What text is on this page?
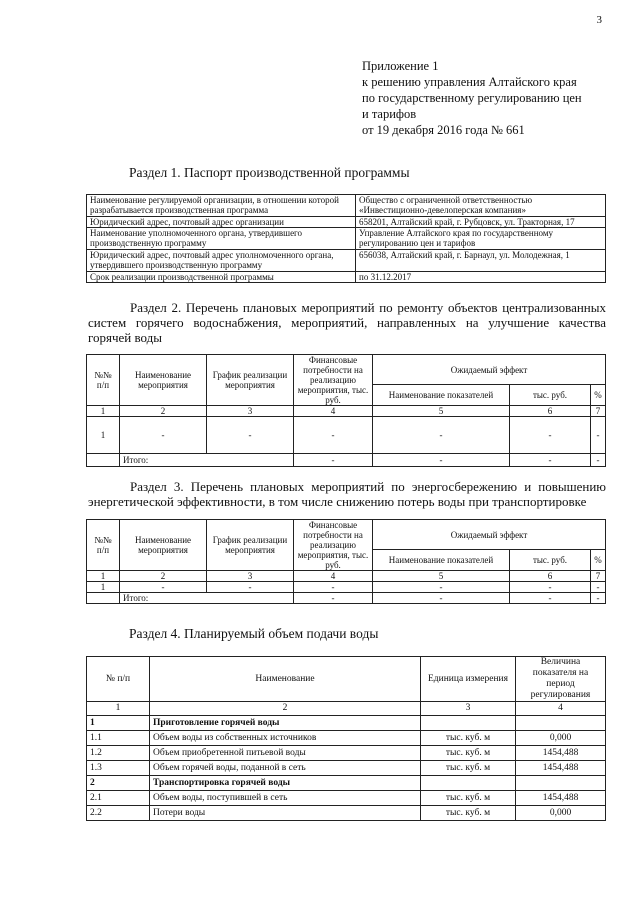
3
Приложение 1
к решению управления Алтайского края
по государственному регулированию цен
и тарифов
от 19 декабря 2016 года № 661
Раздел 1. Паспорт производственной программы
Наименование регулируемой организации, в отношении которой разрабатывается производственная программа	Общество с ограниченной ответственностью «Инвестиционно-девелоперская компания»
Юридический адрес, почтовый адрес организации	658201, Алтайский край, г. Рубцовск, ул. Тракторная, 17
Наименование уполномоченного органа, утвердившего производственную программу	Управление Алтайского края по государственному регулированию цен и тарифов
Юридический адрес, почтовый адрес уполномоченного органа, утвердившего производственную программу	656038, Алтайский край, г. Барнаул, ул. Молодежная, 1
Срок реализации производственной программы	по 31.12.2017
Раздел 2. Перечень плановых мероприятий по ремонту объектов централизованных систем горячего водоснабжения, мероприятий, направленных на улучшение качества горячей воды
№№ п/п	Наименование мероприятия	График реализации мероприятия	Финансовые потребности на реализацию мероприятия, тыс. руб.	Ожидаемый эффект		
				Наименование показателей	тыс. руб.	%
1	2	3	4	5	6	7
1	-	-	-	-	-	-
	Итого:		-	-	-	-
Раздел 3. Перечень плановых мероприятий по энергосбережению и повышению энергетической эффективности, в том числе снижению потерь воды при транспортировке
№№ п/п	Наименование мероприятия	График реализации мероприятия	Финансовые потребности на реализацию мероприятия, тыс. руб.	Ожидаемый эффект		
				Наименование показателей	тыс. руб.	%
1	2	3	4	5	6	7
1	-	-	-	-	-	-
	Итого:		-	-	-	-
Раздел 4. Планируемый объем подачи воды
№ п/п	Наименование	Единица измерения	Величина показателя на период регулирования
1	2	3	4
1	Приготовление горячей воды		
1.1	Объем воды из собственных источников	тыс. куб. м	0,000
1.2	Объем приобретенной питьевой воды	тыс. куб. м	1454,488
1.3	Объем горячей воды, поданной в сеть	тыс. куб. м	1454,488
2	Транспортировка горячей воды		
2.1	Объем воды, поступившей в сеть	тыс. куб. м	1454,488
2.2	Потери воды	тыс. куб. м	0,000
